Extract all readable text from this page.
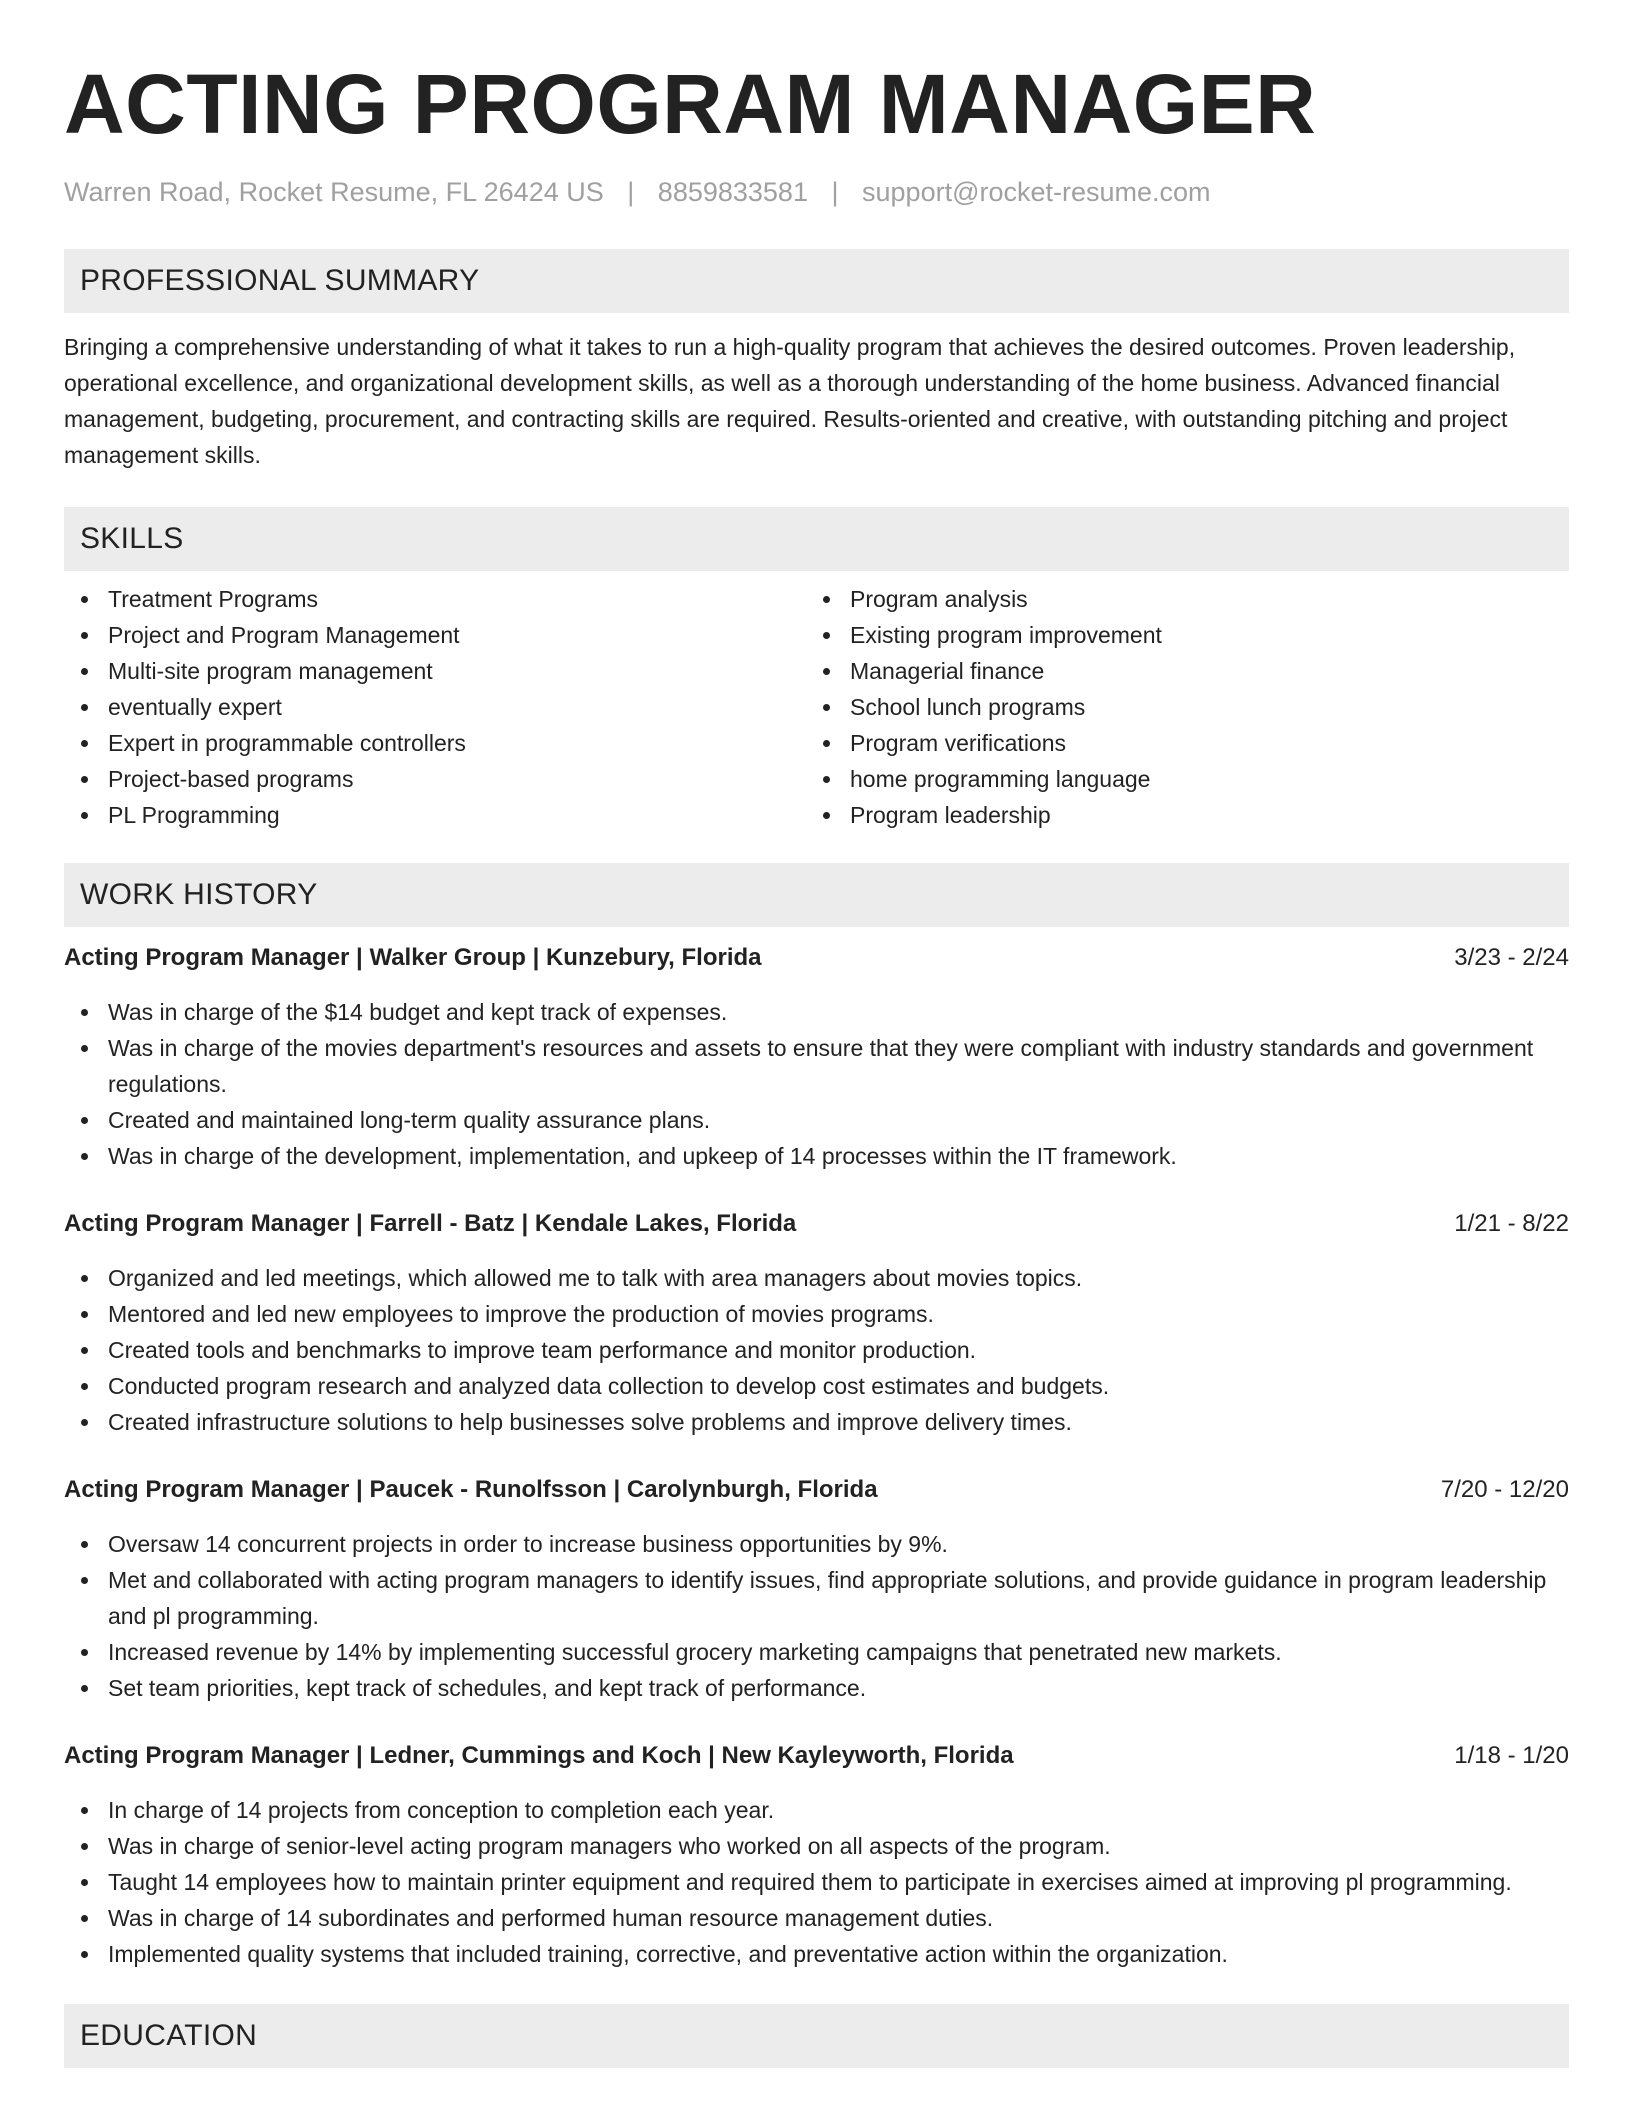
ACTING PROGRAM MANAGER
Warren Road, Rocket Resume, FL 26424 US | 8859833581 | support@rocket-resume.com
PROFESSIONAL SUMMARY
Bringing a comprehensive understanding of what it takes to run a high-quality program that achieves the desired outcomes. Proven leadership, operational excellence, and organizational development skills, as well as a thorough understanding of the home business. Advanced financial management, budgeting, procurement, and contracting skills are required. Results-oriented and creative, with outstanding pitching and project management skills.
SKILLS
Treatment Programs
Project and Program Management
Multi-site program management
eventually expert
Expert in programmable controllers
Project-based programs
PL Programming
Program analysis
Existing program improvement
Managerial finance
School lunch programs
Program verifications
home programming language
Program leadership
WORK HISTORY
Acting Program Manager | Walker Group | Kunzebury, Florida	3/23 - 2/24
Was in charge of the $14 budget and kept track of expenses.
Was in charge of the movies department's resources and assets to ensure that they were compliant with industry standards and government regulations.
Created and maintained long-term quality assurance plans.
Was in charge of the development, implementation, and upkeep of 14 processes within the IT framework.
Acting Program Manager | Farrell - Batz | Kendale Lakes, Florida	1/21 - 8/22
Organized and led meetings, which allowed me to talk with area managers about movies topics.
Mentored and led new employees to improve the production of movies programs.
Created tools and benchmarks to improve team performance and monitor production.
Conducted program research and analyzed data collection to develop cost estimates and budgets.
Created infrastructure solutions to help businesses solve problems and improve delivery times.
Acting Program Manager | Paucek - Runolfsson | Carolynburgh, Florida	7/20 - 12/20
Oversaw 14 concurrent projects in order to increase business opportunities by 9%.
Met and collaborated with acting program managers to identify issues, find appropriate solutions, and provide guidance in program leadership and pl programming.
Increased revenue by 14% by implementing successful grocery marketing campaigns that penetrated new markets.
Set team priorities, kept track of schedules, and kept track of performance.
Acting Program Manager | Ledner, Cummings and Koch | New Kayleyworth, Florida	1/18 - 1/20
In charge of 14 projects from conception to completion each year.
Was in charge of senior-level acting program managers who worked on all aspects of the program.
Taught 14 employees how to maintain printer equipment and required them to participate in exercises aimed at improving pl programming.
Was in charge of 14 subordinates and performed human resource management duties.
Implemented quality systems that included training, corrective, and preventative action within the organization.
EDUCATION
